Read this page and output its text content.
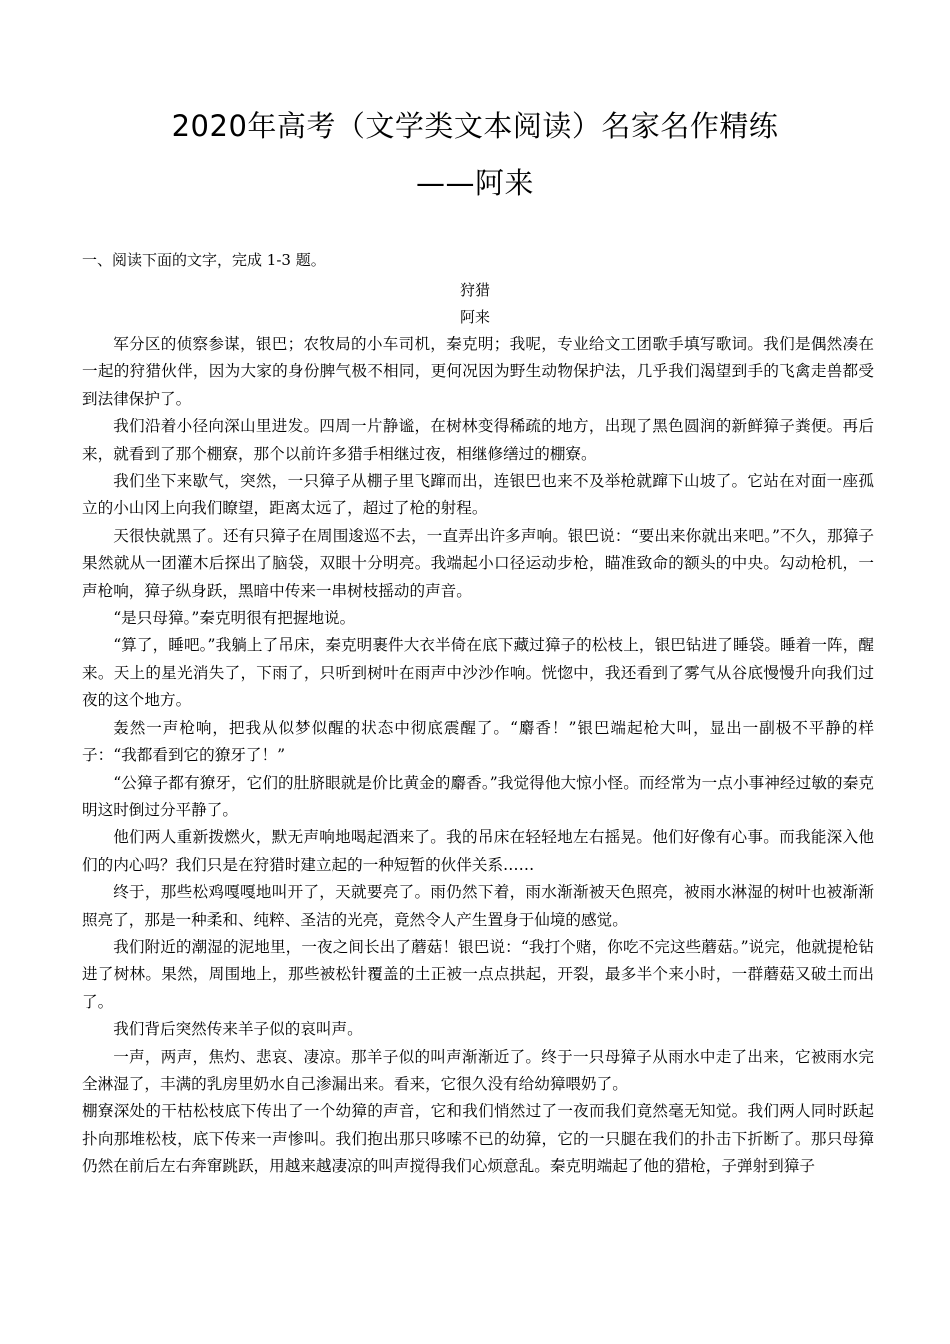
2020年高考（文学类文本阅读）名家名作精练
——阿来
一、阅读下面的文字，完成 1-3 题。
狩猎
阿来

军分区的侦察参谋，银巴；农牧局的小车司机，秦克明；我呢，专业给文工团歌手填写歌词。我们是偶然凑在一起的狩猎伙伴，因为大家的身份脾气极不相同，更何况因为野生动物保护法，几乎我们渴望到手的飞禽走兽都受到法律保护了。

我们沿着小径向深山里进发。四周一片静谧，在树林变得稀疏的地方，出现了黑色圆润的新鲜獐子粪便。再后来，就看到了那个棚寮，那个以前许多猎手相继过夜，相继修缮过的棚寮。

我们坐下来歇气，突然，一只獐子从棚子里飞蹿而出，连银巴也来不及举枪就蹿下山坡了。它站在对面一座孤立的小山冈上向我们瞭望，距离太远了，超过了枪的射程。

天很快就黑了。还有只獐子在周围逡巡不去，一直弄出许多声响。银巴说：“要出来你就出来吧。”不久，那獐子果然就从一团灌木后探出了脑袋，双眼十分明亮。我端起小口径运动步枪，瞄准致命的额头的中央。勾动枪机，一声枪响，獐子纵身跃，黑暗中传来一串树枝摇动的声音。

“是只母獐。”秦克明很有把握地说。

“算了，睡吧。”我躺上了吊床，秦克明裹件大衣半倚在底下藏过獐子的松枝上，银巴钻进了睡袋。睡着一阵，醒来。天上的星光消失了，下雨了，只听到树叶在雨声中沙沙作响。恍惚中，我还看到了雾气从谷底慢慢升向我们过夜的这个地方。

轰然一声枪响，把我从似梦似醒的状态中彻底震醒了。“麝香！”银巴端起枪大叫，显出一副极不平静的样子：“我都看到它的獠牙了！”

“公獐子都有獠牙，它们的肚脐眼就是价比黄金的麝香。”我觉得他大惊小怪。而经常为一点小事神经过敏的秦克明这时倒过分平静了。

他们两人重新拨燃火，默无声响地喝起酒来了。我的吊床在轻轻地左右摇晃。他们好像有心事。而我能深入他们的内心吗？我们只是在狩猎时建立起的一种短暂的伙伴关系……

终于，那些松鸡嘎嘎地叫开了，天就要亮了。雨仍然下着，雨水渐渐被天色照亮，被雨水淋湿的树叶也被渐渐照亮了，那是一种柔和、纯粹、圣洁的光亮，竟然令人产生置身于仙境的感觉。

我们附近的潮湿的泥地里，一夜之间长出了蘑菇！银巴说：“我打个赌，你吃不完这些蘑菇。”说完，他就提枪钻进了树林。果然，周围地上，那些被松针覆盖的土正被一点点拱起，开裂，最多半个来小时，一群蘑菇又破土而出了。

我们背后突然传来羊子似的哀叫声。

一声，两声，焦灼、悲哀、凄凉。那羊子似的叫声渐渐近了。终于一只母獐子从雨水中走了出来，它被雨水完全淋湿了，丰满的乳房里奶水自己渗漏出来。看来，它很久没有给幼獐喂奶了。

棚寮深处的干枯松枝底下传出了一个幼獐的声音，它和我们悄然过了一夜而我们竟然毫无知觉。我们两人同时跃起扑向那堆松枝，底下传来一声惨叫。我们抱出那只哆嗦不已的幼獐，它的一只腿在我们的扑击下折断了。那只母獐仍然在前后左右奔窜跳跃，用越来越凄凉的叫声搅得我们心烦意乱。秦克明端起了他的猎枪，子弹射到獐子
